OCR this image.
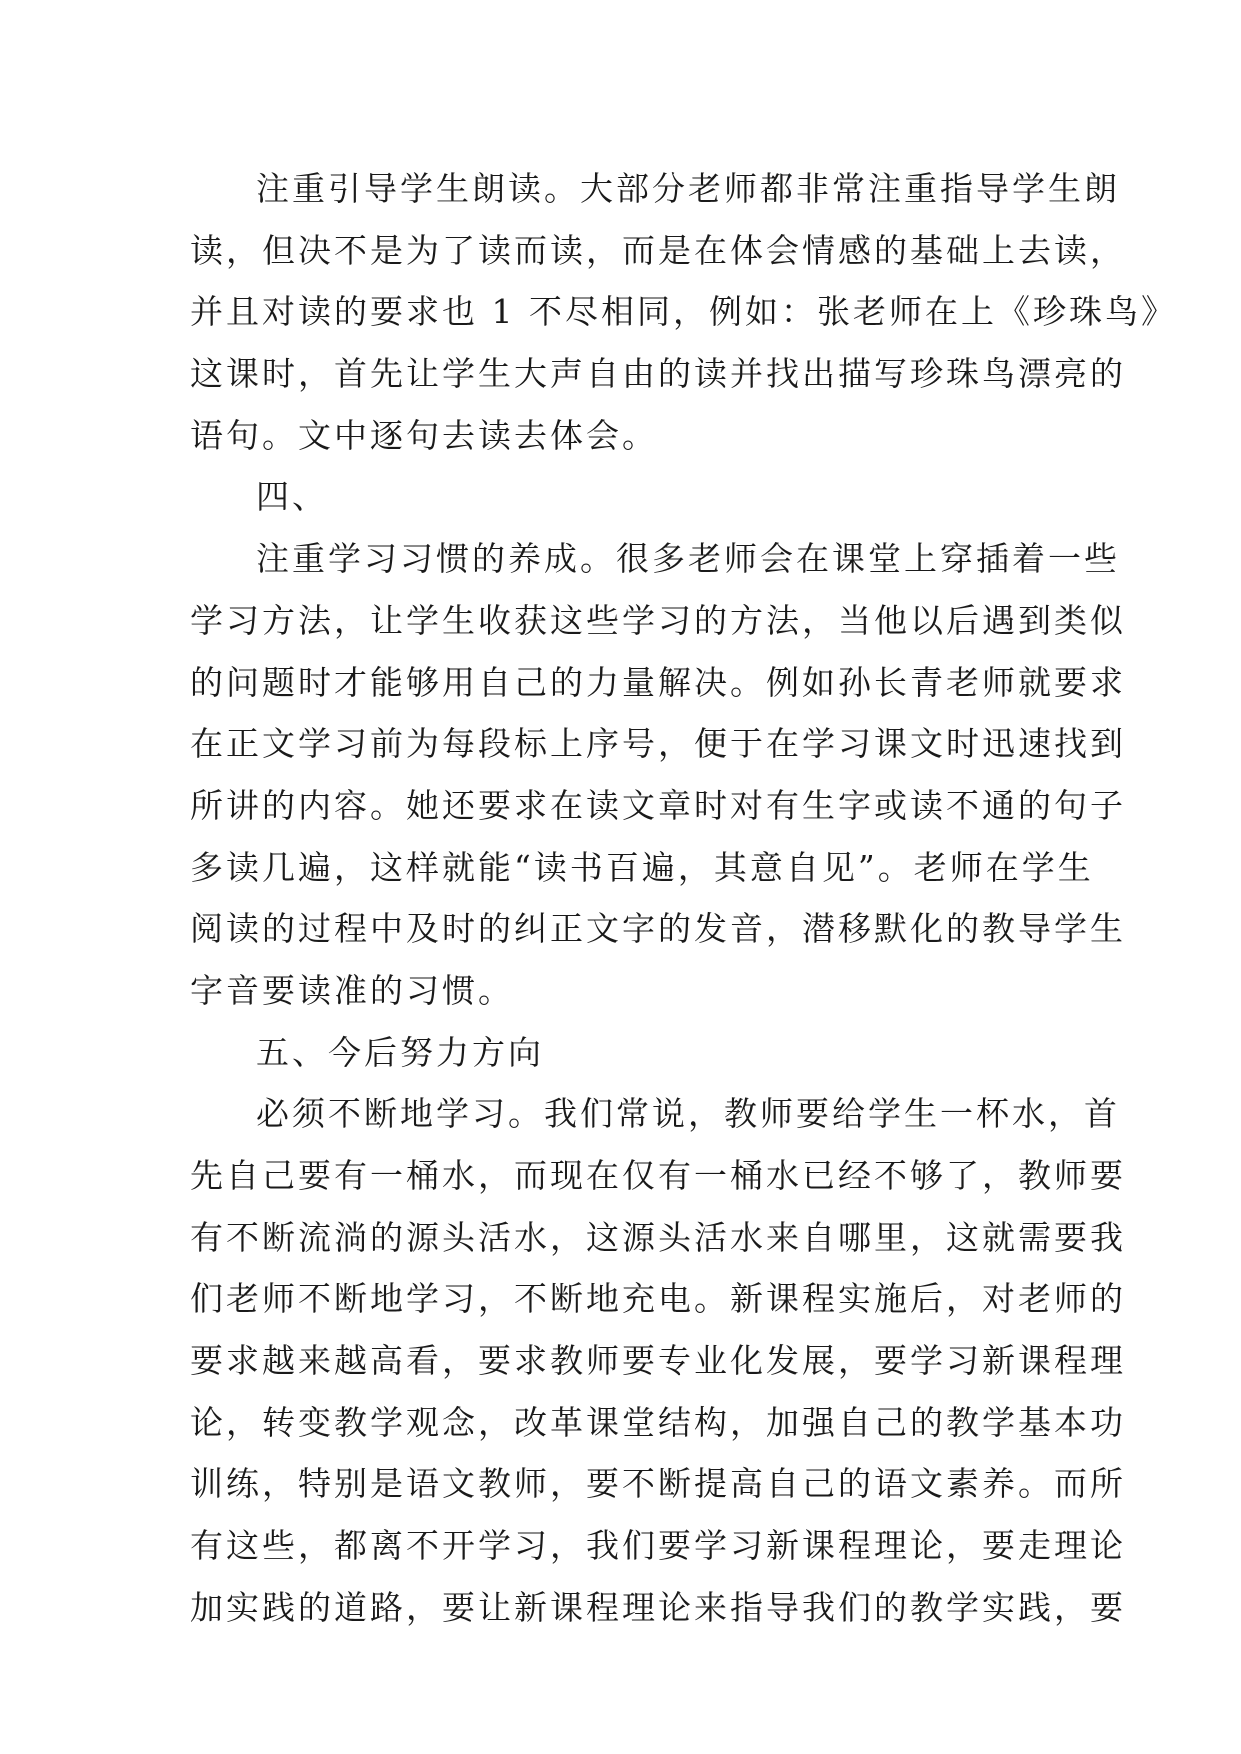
注重引导学生朗读。大部分老师都非常注重指导学生朗
读，但决不是为了读而读，而是在体会情感的基础上去读，
并且对读的要求也 1 不尽相同，例如：张老师在上《珍珠鸟》
这课时，首先让学生大声自由的读并找出描写珍珠鸟漂亮的
语句。文中逐句去读去体会。
四、
注重学习习惯的养成。很多老师会在课堂上穿插着一些
学习方法，让学生收获这些学习的方法，当他以后遇到类似
的问题时才能够用自己的力量解决。例如孙长青老师就要求
在正文学习前为每段标上序号，便于在学习课文时迅速找到
所讲的内容。她还要求在读文章时对有生字或读不通的句子
多读几遍，这样就能“读书百遍，其意自见”。老师在学生
阅读的过程中及时的纠正文字的发音，潜移默化的教导学生
字音要读准的习惯。
五、今后努力方向
必须不断地学习。我们常说，教师要给学生一杯水，首
先自己要有一桶水，而现在仅有一桶水已经不够了，教师要
有不断流淌的源头活水，这源头活水来自哪里，这就需要我
们老师不断地学习，不断地充电。新课程实施后，对老师的
要求越来越高看，要求教师要专业化发展，要学习新课程理
论，转变教学观念，改革课堂结构，加强自己的教学基本功
训练，特别是语文教师，要不断提高自己的语文素养。而所
有这些，都离不开学习，我们要学习新课程理论，要走理论
加实践的道路，要让新课程理论来指导我们的教学实践，要
